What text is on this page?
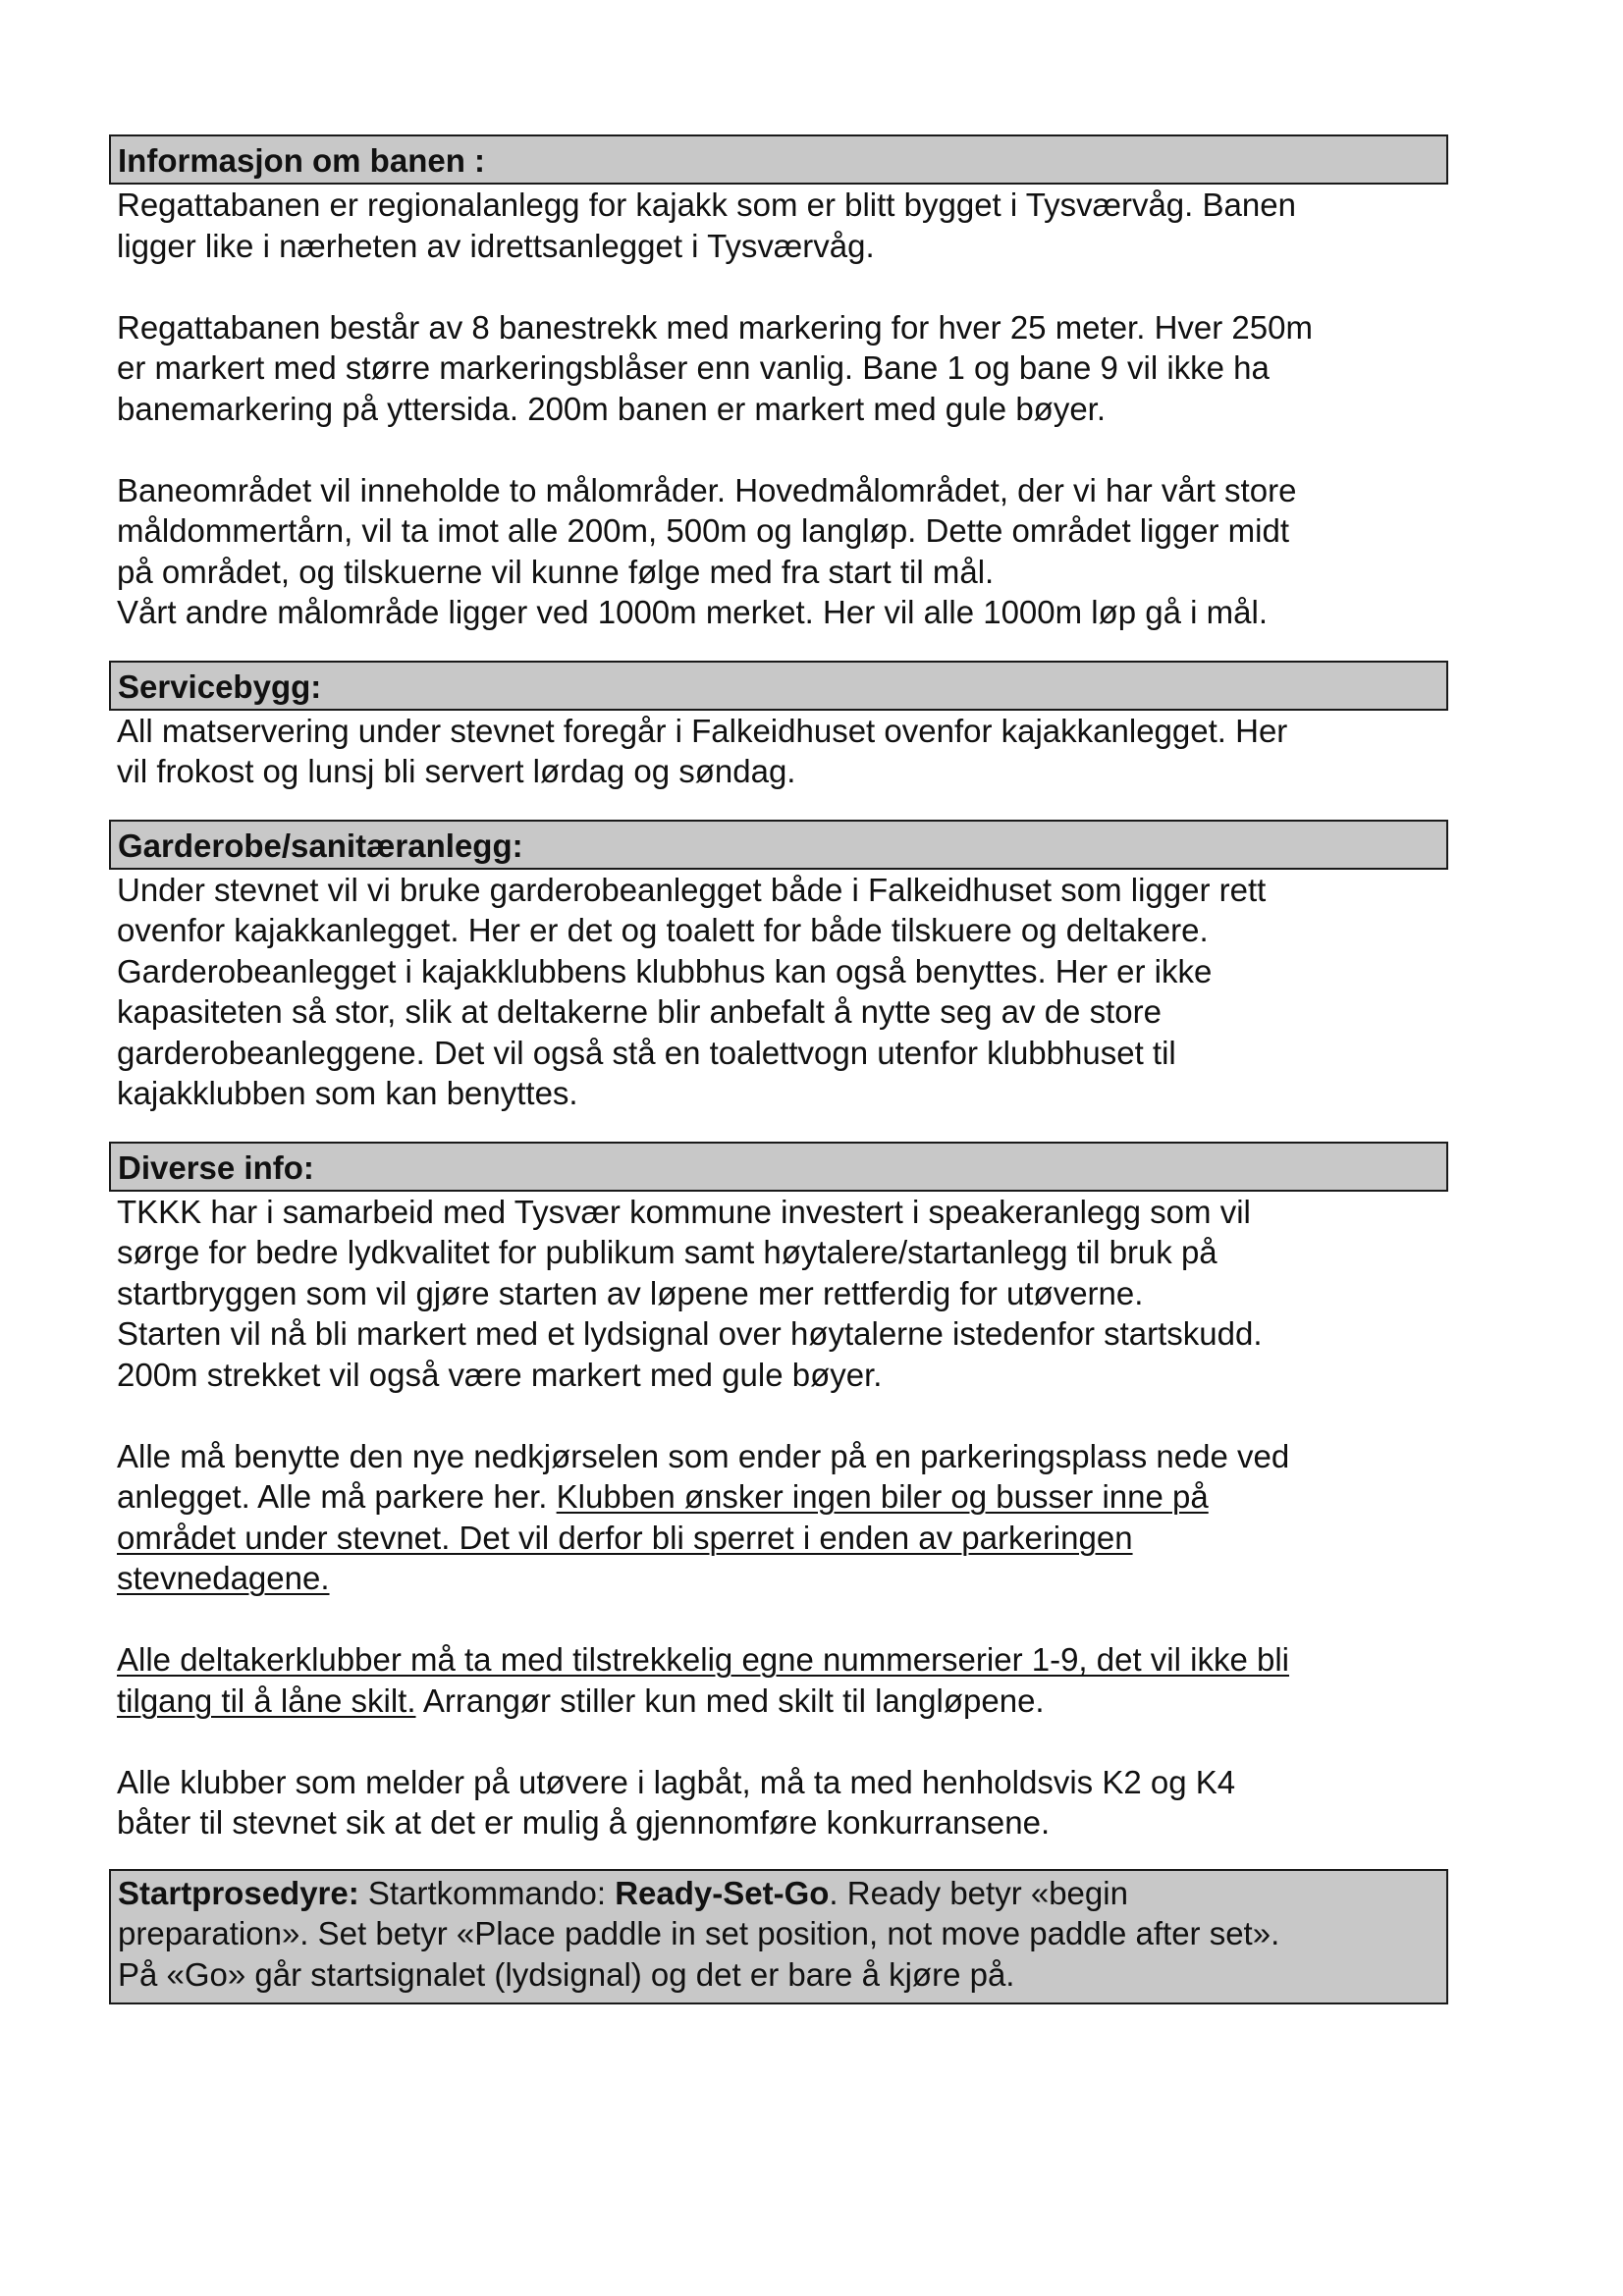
Informasjon om banen :
Regattabanen er regionalanlegg for kajakk som er blitt bygget i Tysværvåg. Banen
ligger like i nærheten av idrettsanlegget i Tysværvåg.
Regattabanen består av 8 banestrekk med markering for hver 25 meter. Hver 250m
er markert med større markeringsblåser enn vanlig. Bane 1 og bane 9 vil ikke ha
banemarkering på yttersida. 200m banen er markert med gule bøyer.
Baneområdet vil inneholde to målområder. Hovedmålområdet, der vi har vårt store
måldommertårn, vil ta imot alle 200m, 500m og langløp. Dette området ligger midt
på området, og tilskuerne vil kunne følge med fra start til mål.
Vårt andre målområde ligger ved 1000m merket. Her vil alle 1000m løp gå i mål.
Servicebygg:
All matservering under stevnet foregår i Falkeidhuset ovenfor kajakkanlegget. Her
vil frokost og lunsj bli servert lørdag og søndag.
Garderobe/sanitæranlegg:
Under stevnet vil vi bruke garderobeanlegget både i Falkeidhuset som ligger rett
ovenfor kajakkanlegget. Her er det og toalett for både tilskuere og deltakere.
Garderobeanlegget i kajakklubbens klubbhus kan også benyttes. Her er ikke
kapasiteten så stor, slik at deltakerne blir anbefalt å nytte seg av de store
garderobeanleggene. Det vil også stå en toalettvogn utenfor klubbhuset til
kajakklubben som kan benyttes.
Diverse info:
TKKK har i samarbeid med Tysvær kommune investert i speakeranlegg som vil
sørge for bedre lydkvalitet for publikum samt høytalere/startanlegg til bruk på
startbryggen som vil gjøre starten av løpene mer rettferdig for utøverne.
Starten vil nå bli markert med et lydsignal over høytalerne istedenfor startskudd.
200m strekket vil også være markert med gule bøyer.
Alle må benytte den nye nedkjørselen som ender på en parkeringsplass nede ved
anlegget. Alle må parkere her. Klubben ønsker ingen biler og busser inne på
området under stevnet. Det vil derfor bli sperret i enden av parkeringen
stevnedagene.
Alle deltakerklubber må ta med tilstrekkelig egne nummerserier 1-9, det vil ikke bli
tilgang til å låne skilt. Arrangør stiller kun med skilt til langløpene.
Alle klubber som melder på utøvere i lagbåt, må ta med henholdsvis K2 og K4
båter til stevnet sik at det er mulig å gjennomføre konkurransene.
Startprosedyre: Startkommando: Ready-Set-Go. Ready betyr «begin
preparation». Set betyr «Place paddle in set position, not move paddle after set».
På «Go» går startsignalet (lydsignal) og det er bare å kjøre på.
